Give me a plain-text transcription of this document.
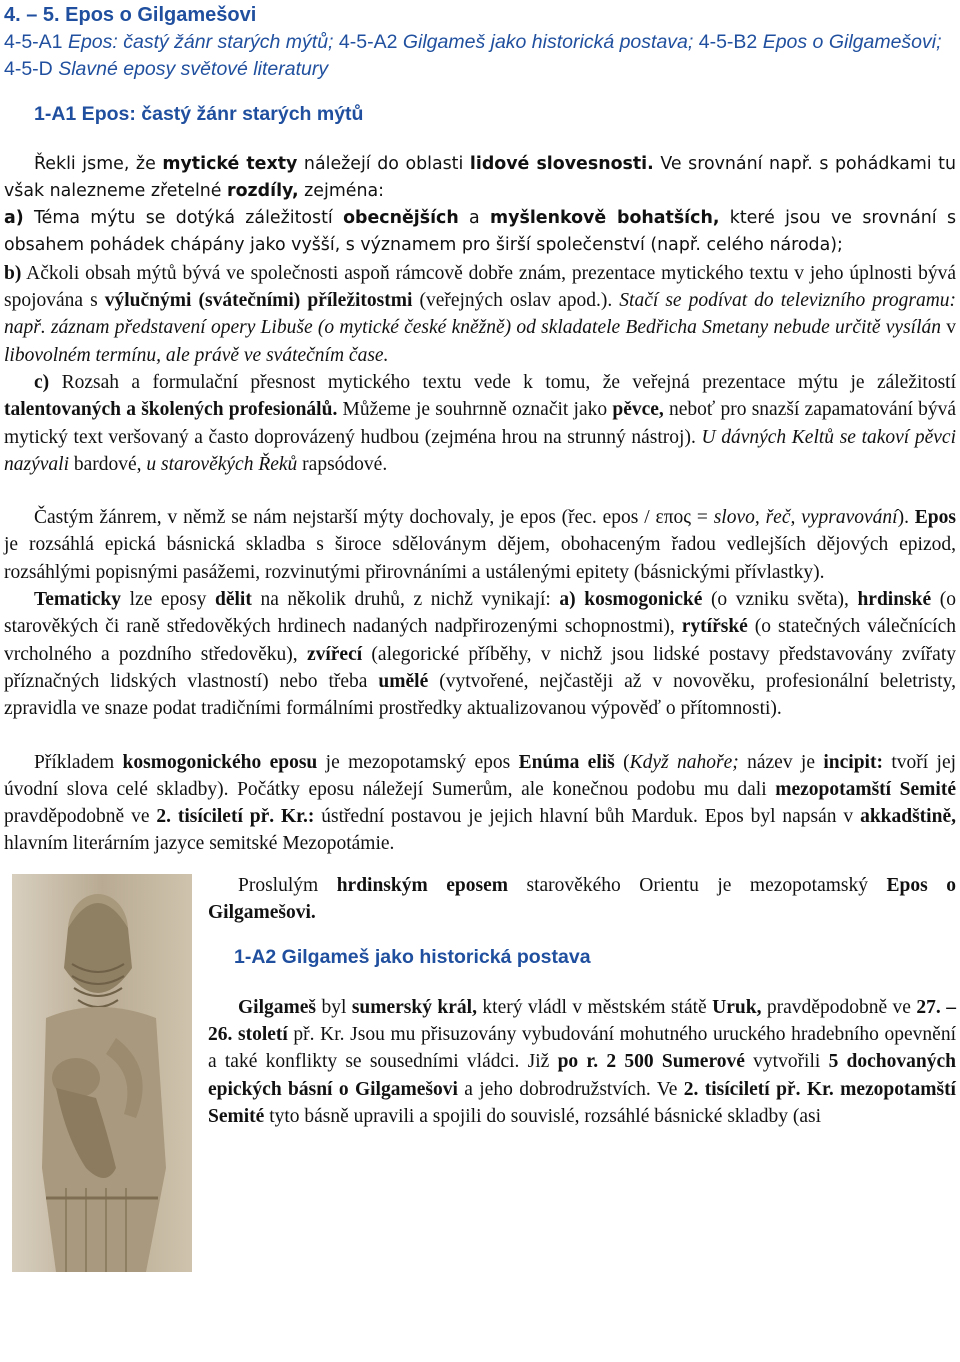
4. – 5. Epos o Gilgamešovi
4-5-A1 Epos: častý žánr starých mýtů; 4-5-A2 Gilgameš jako historická postava; 4-5-B2 Epos o Gilgamešovi; 4-5-D Slavné eposy světové literatury
1-A1 Epos: častý žánr starých mýtů

Řekli jsme, že mytické texty náležejí do oblasti lidové slovesnosti. Ve srovnání např. s pohádkami tu však nalezneme zřetelné rozdíly, zejména:

a) Téma mýtu se dotýká záležitostí obecnějších a myšlenkově bohatších, které jsou ve srovnání s obsahem pohádek chápány jako vyšší, s významem pro širší společenství (např. celého národa);

b) Ačkoli obsah mýtů bývá ve společnosti aspoň rámcově dobře znám, prezentace mytického textu v jeho úplnosti bývá spojována s výlučnými (svátečními) příležitostmi (veřejných oslav apod.). Stačí se podívat do televizního programu: např. záznam představení opery Libuše (o mytické české kněžně) od skladatele Bedřicha Smetany nebude určitě vysílán v libovolném termínu, ale právě ve svátečním čase.

c) Rozsah a formulační přesnost mytického textu vede k tomu, že veřejná prezentace mýtu je záležitostí talentovaných a školených profesionálů. Můžeme je souhrnně označit jako pěvce, neboť pro snazší zapamatování bývá mytický text veršovaný a často doprovázený hudbou (zejména hrou na strunný nástroj). U dávných Keltů se takoví pěvci nazývali bardové, u starověkých Řeků rapsódové.

Častým žánrem, v němž se nám nejstarší mýty dochovaly, je epos (řec. epos / επος = slovo, řeč, vypravování). Epos je rozsáhlá epická básnická skladba s široce sděloványm dějem, obohaceným řadou vedlejších dějových epizod, rozsáhlými popisnými pasážemi, rozvinutými přirovnáními a ustálenými epitety (básnickými přívlastky).

Tematicky lze eposy dělit na několik druhů, z nichž vynikají: a) kosmogonické (o vzniku světa), hrdinské (o starověkých či raně středověkých hrdinech nadaných nadpřirozenými schopnostmi), rytířské (o statečných válečnících vrcholného a pozdního středověku), zvířecí (alegorické příběhy, v nichž jsou lidské postavy představovány zvířaty příznačných lidských vlastností) nebo třeba umělé (vytvořené, nejčastěji až v novověku, profesionální beletristy, zpravidla ve snaze podat tradičními formálními prostředky aktualizovanou výpověď o přítomnosti).

Příkladem kosmogonického eposu je mezopotamský epos Enúma eliš (Když nahoře; název je incipit: tvoří jej úvodní slova celé skladby). Počátky eposu náležejí Sumerům, ale konečnou podobu mu dali mezopotamští Semité pravděpodobně ve 2. tisíciletí př. Kr.: ústřední postavou je jejich hlavní bůh Marduk. Epos byl napsán v akkadštině, hlavním literárním jazyce semitské Mezopotámie.

Proslulým hrdinským eposem starověkého Orientu je mezopotamský Epos o Gilgamešovi.

1-A2 Gilgameš jako historická postava

Gilgameš byl sumerský král, který vládl v městském státě Uruk, pravděpodobně ve 27. – 26. století př. Kr. Jsou mu přisuzovány vybudování mohutného uruckého hradebního opevnění a také konflikty se sousedními vládci. Již po r. 2 500 Sumerové vytvořili 5 dochovaných epických básní o Gilgamešovi a jeho dobrodružstvích. Ve 2. tisíciletí př. Kr. mezopotamští Semité tyto básně upravili a spojili do souvislé, rozsáhlé básnické skladby (asi
